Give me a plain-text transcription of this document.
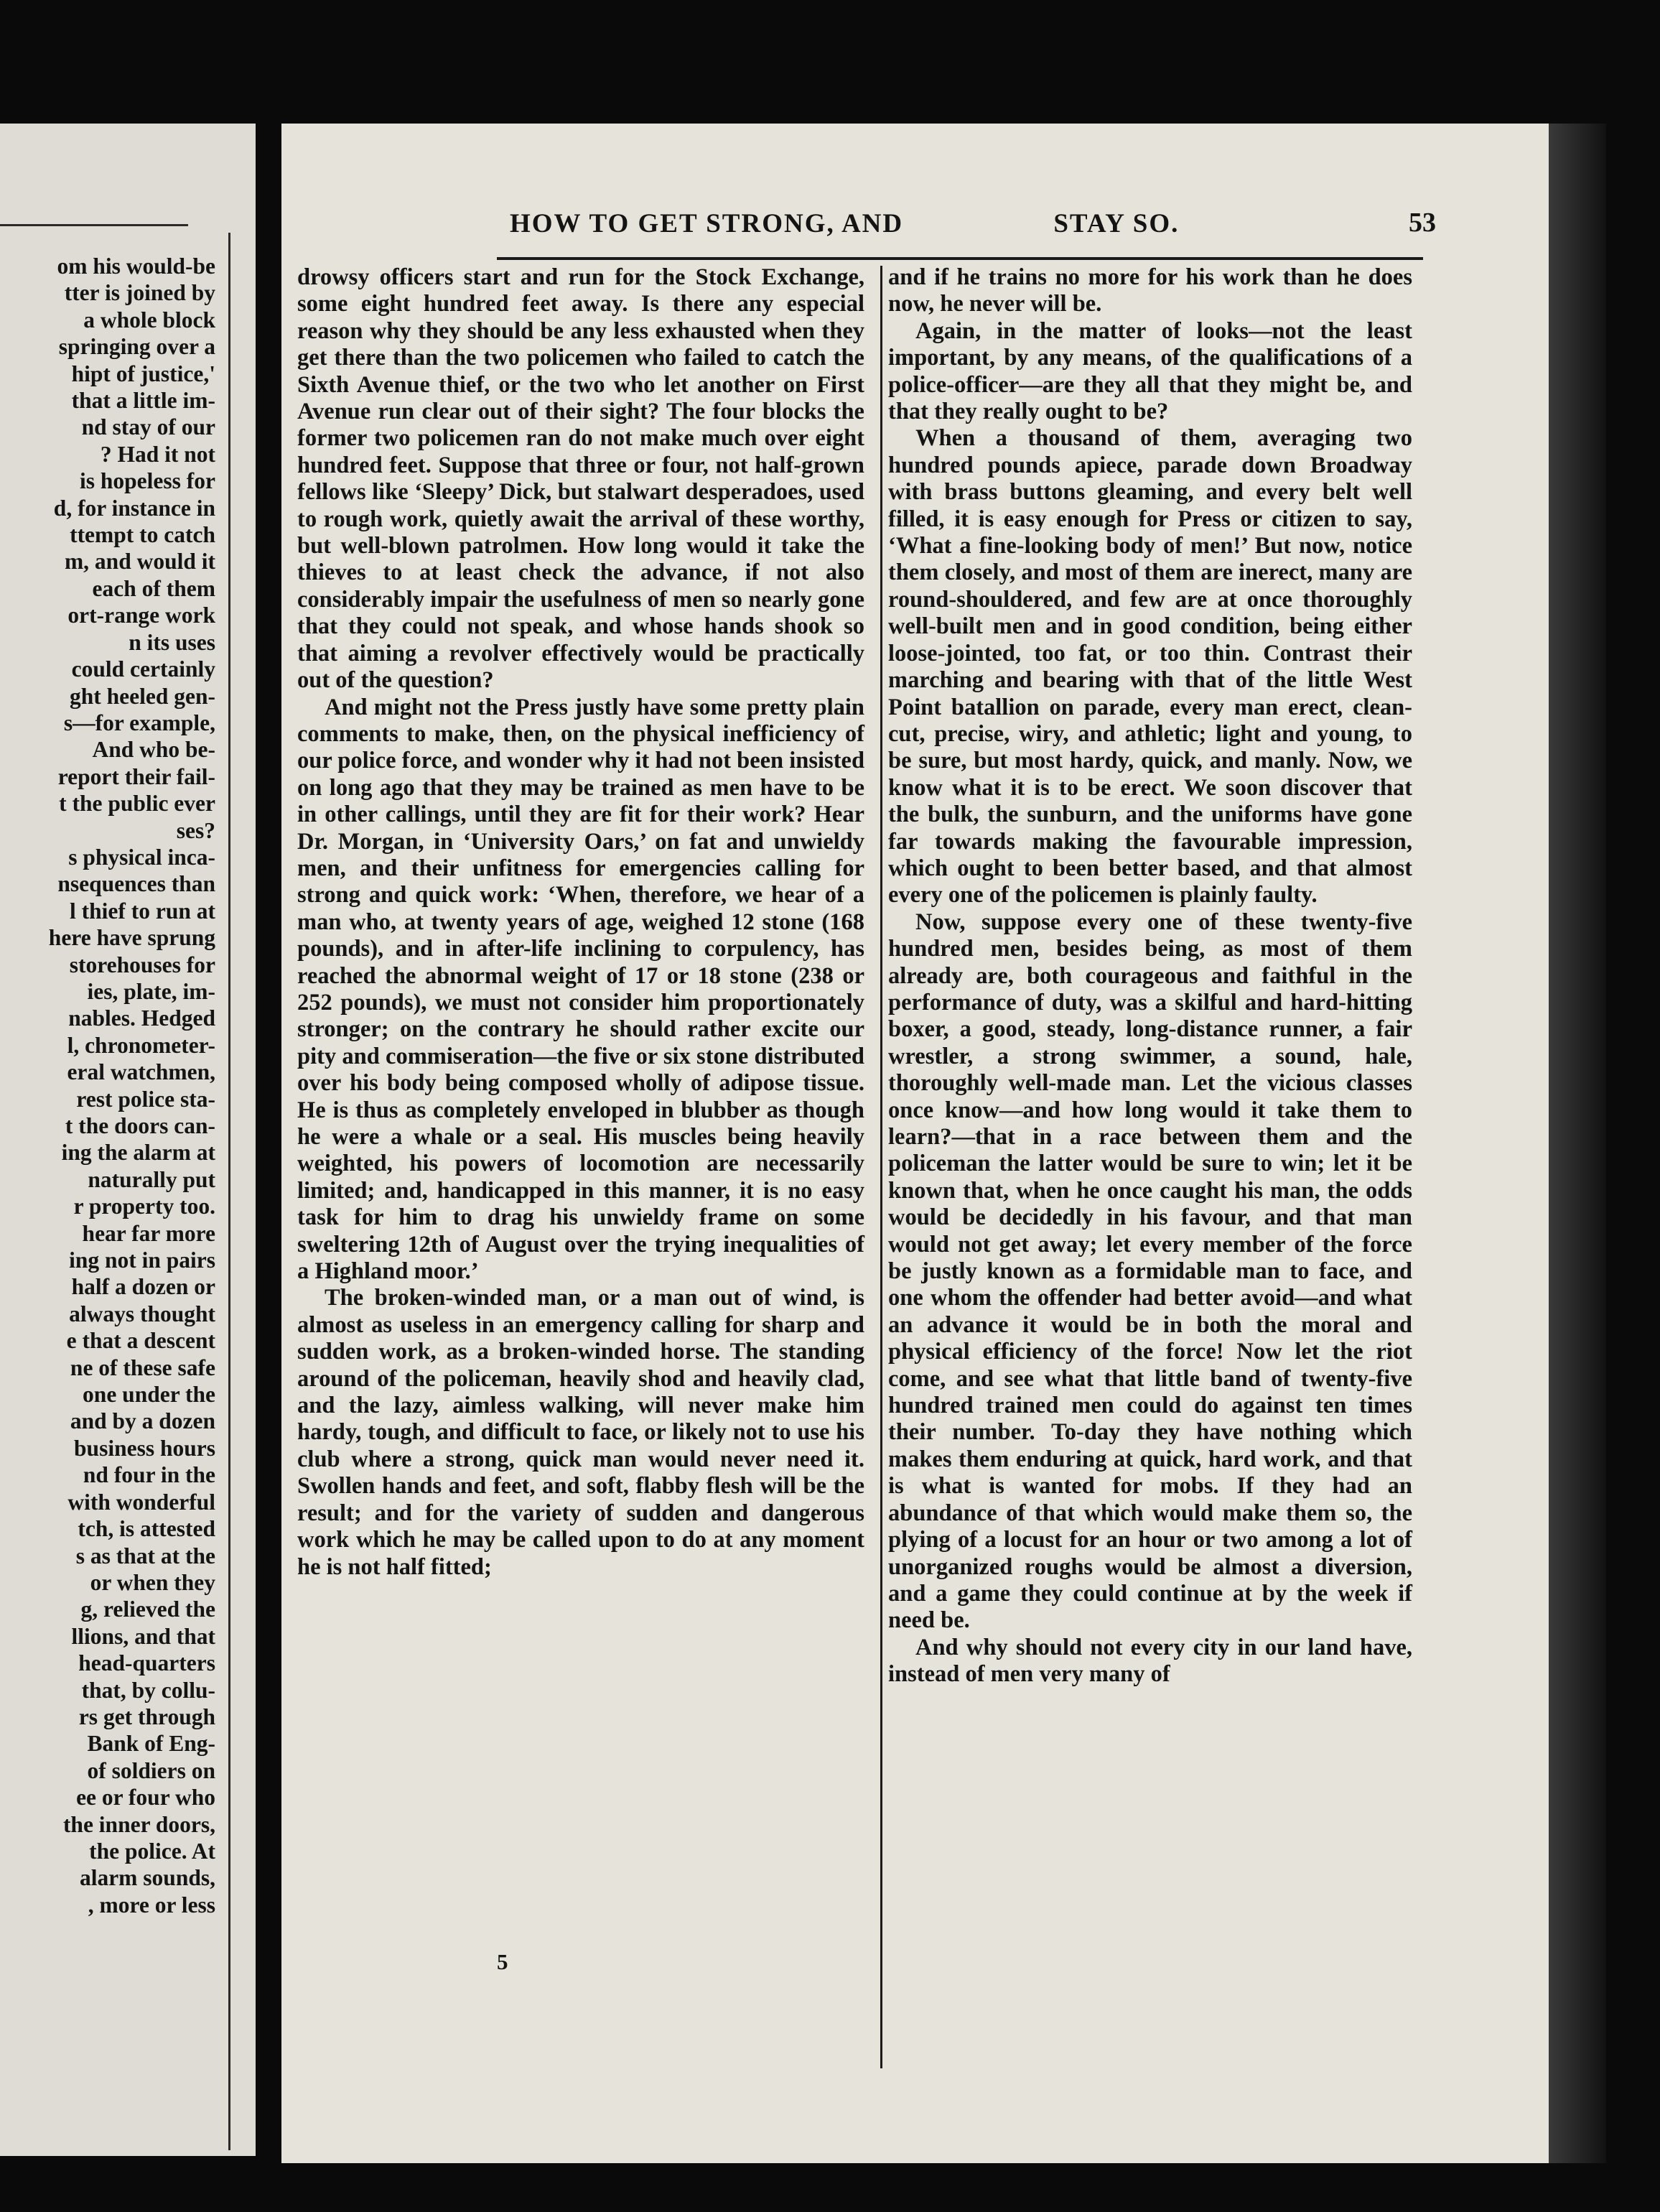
om his would-be
tter is joined by
a whole block
springing over a
hipt of justice,'
that a little im-
nd stay of our
? Had it not
is hopeless for
d, for instance in
ttempt to catch
m, and would it
each of them
ort-range work
n its uses
could certainly
ght heeled gen-
s—for example,
And who be-
report their fail-
t the public ever
ses?
s physical inca-
nsequences than
l thief to run at
here have sprung
storehouses for
ies, plate, im-
nables. Hedged
l, chronometer-
eral watchmen,
rest police sta-
t the doors can-
ing the alarm at
naturally put
r property too.
hear far more
ing not in pairs
half a dozen or
always thought
e that a descent
ne of these safe
one under the
and by a dozen
business hours
nd four in the
with wonderful
tch, is attested
s as that at the
or when they
g, relieved the
llions, and that
head-quarters
that, by collu-
rs get through
Bank of Eng-
of soldiers on
ee or four who
the inner doors,
the police. At
alarm sounds,
, more or less
HOW TO GET STRONG, AND	STAY SO.	53

drowsy officers start and run for the Stock Exchange, some eight hundred feet away. Is there any especial reason why they should be any less exhausted when they get there than the two policemen who failed to catch the Sixth Avenue thief, or the two who let another on First Avenue run clear out of their sight? The four blocks the former two policemen ran do not make much over eight hundred feet. Suppose that three or four, not half-grown fellows like ‘Sleepy’ Dick, but stalwart desperadoes, used to rough work, quietly await the arrival of these worthy, but well-blown patrolmen. How long would it take the thieves to at least check the advance, if not also considerably impair the usefulness of men so nearly gone that they could not speak, and whose hands shook so that aiming a revolver effectively would be practically out of the question?

And might not the Press justly have some pretty plain comments to make, then, on the physical inefficiency of our police force, and wonder why it had not been insisted on long ago that they may be trained as men have to be in other callings, until they are fit for their work? Hear Dr. Morgan, in ‘University Oars,’ on fat and unwieldy men, and their unfitness for emergencies calling for strong and quick work: ‘When, therefore, we hear of a man who, at twenty years of age, weighed 12 stone (168 pounds), and in after-life inclining to corpulency, has reached the abnormal weight of 17 or 18 stone (238 or 252 pounds), we must not consider him proportionately stronger; on the contrary he should rather excite our pity and commiseration—the five or six stone distributed over his body being composed wholly of adipose tissue. He is thus as completely enveloped in blubber as though he were a whale or a seal. His muscles being heavily weighted, his powers of locomotion are necessarily limited; and, handicapped in this manner, it is no easy task for him to drag his unwieldy frame on some sweltering 12th of August over the trying inequalities of a Highland moor.’

The broken-winded man, or a man out of wind, is almost as useless in an emergency calling for sharp and sudden work, as a broken-winded horse. The standing around of the policeman, heavily shod and heavily clad, and the lazy, aimless walking, will never make him hardy, tough, and difficult to face, or likely not to use his club where a strong, quick man would never need it. Swollen hands and feet, and soft, flabby flesh will be the result; and for the variety of sudden and dangerous work which he may be called upon to do at any moment he is not half fitted;

5

and if he trains no more for his work than he does now, he never will be.

Again, in the matter of looks—not the least important, by any means, of the qualifications of a police-officer—are they all that they might be, and that they really ought to be?

When a thousand of them, averaging two hundred pounds apiece, parade down Broadway with brass buttons gleaming, and every belt well filled, it is easy enough for Press or citizen to say, ‘What a fine-looking body of men!’ But now, notice them closely, and most of them are inerect, many are round-shouldered, and few are at once thoroughly well-built men and in good condition, being either loose-jointed, too fat, or too thin. Contrast their marching and bearing with that of the little West Point batallion on parade, every man erect, clean-cut, precise, wiry, and athletic; light and young, to be sure, but most hardy, quick, and manly. Now, we know what it is to be erect. We soon discover that the bulk, the sunburn, and the uniforms have gone far towards making the favourable impression, which ought to been better based, and that almost every one of the policemen is plainly faulty.

Now, suppose every one of these twenty-five hundred men, besides being, as most of them already are, both courageous and faithful in the performance of duty, was a skilful and hard-hitting boxer, a good, steady, long-distance runner, a fair wrestler, a strong swimmer, a sound, hale, thoroughly well-made man. Let the vicious classes once know—and how long would it take them to learn?—that in a race between them and the policeman the latter would be sure to win; let it be known that, when he once caught his man, the odds would be decidedly in his favour, and that man would not get away; let every member of the force be justly known as a formidable man to face, and one whom the offender had better avoid—and what an advance it would be in both the moral and physical efficiency of the force! Now let the riot come, and see what that little band of twenty-five hundred trained men could do against ten times their number. To-day they have nothing which makes them enduring at quick, hard work, and that is what is wanted for mobs. If they had an abundance of that which would make them so, the plying of a locust for an hour or two among a lot of unorganized roughs would be almost a diversion, and a game they could continue at by the week if need be.

And why should not every city in our land have, instead of men very many of
